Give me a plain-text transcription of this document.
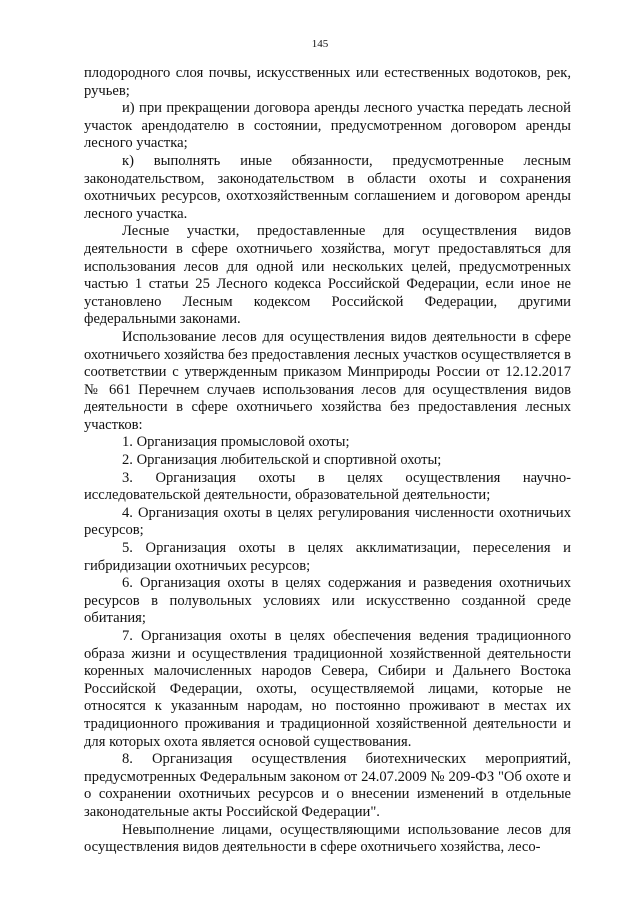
145

плодородного слоя почвы, искусственных или естественных водотоков, рек, ручьев;

и) при прекращении договора аренды лесного участка передать лесной участок арендодателю в состоянии, предусмотренном договором аренды лесного участка;

к) выполнять иные обязанности, предусмотренные лесным законодательством, законодательством в области охоты и сохранения охотничьих ресурсов, охотхозяйственным соглашением и договором аренды лесного участка.

Лесные участки, предоставленные для осуществления видов деятельности в сфере охотничьего хозяйства, могут предоставляться для использования лесов для одной или нескольких целей, предусмотренных частью 1 статьи 25 Лесного кодекса Российской Федерации, если иное не установлено Лесным кодексом Российской Федерации, другими федеральными законами.

Использование лесов для осуществления видов деятельности в сфере охотничьего хозяйства без предоставления лесных участков осуществляется в соответствии с утвержденным приказом Минприроды России от 12.12.2017 № 661 Перечнем случаев использования лесов для осуществления видов деятельности в сфере охотничьего хозяйства без предоставления лесных участков:

1. Организация промысловой охоты;

2. Организация любительской и спортивной охоты;

3. Организация охоты в целях осуществления научно-исследовательской деятельности, образовательной деятельности;

4. Организация охоты в целях регулирования численности охотничьих ресурсов;

5. Организация охоты в целях акклиматизации, переселения и гибридизации охотничьих ресурсов;

6. Организация охоты в целях содержания и разведения охотничьих ресурсов в полувольных условиях или искусственно созданной среде обитания;

7. Организация охоты в целях обеспечения ведения традиционного образа жизни и осуществления традиционной хозяйственной деятельности коренных малочисленных народов Севера, Сибири и Дальнего Востока Российской Федерации, охоты, осуществляемой лицами, которые не относятся к указанным народам, но постоянно проживают в местах их традиционного проживания и традиционной хозяйственной деятельности и для которых охота является основой существования.

8. Организация осуществления биотехнических мероприятий, предусмотренных Федеральным законом от 24.07.2009 № 209-ФЗ "Об охоте и о сохранении охотничьих ресурсов и о внесении изменений в отдельные законодательные акты Российской Федерации".

Невыполнение лицами, осуществляющими использование лесов для осуществления видов деятельности в сфере охотничьего хозяйства, лесо-
